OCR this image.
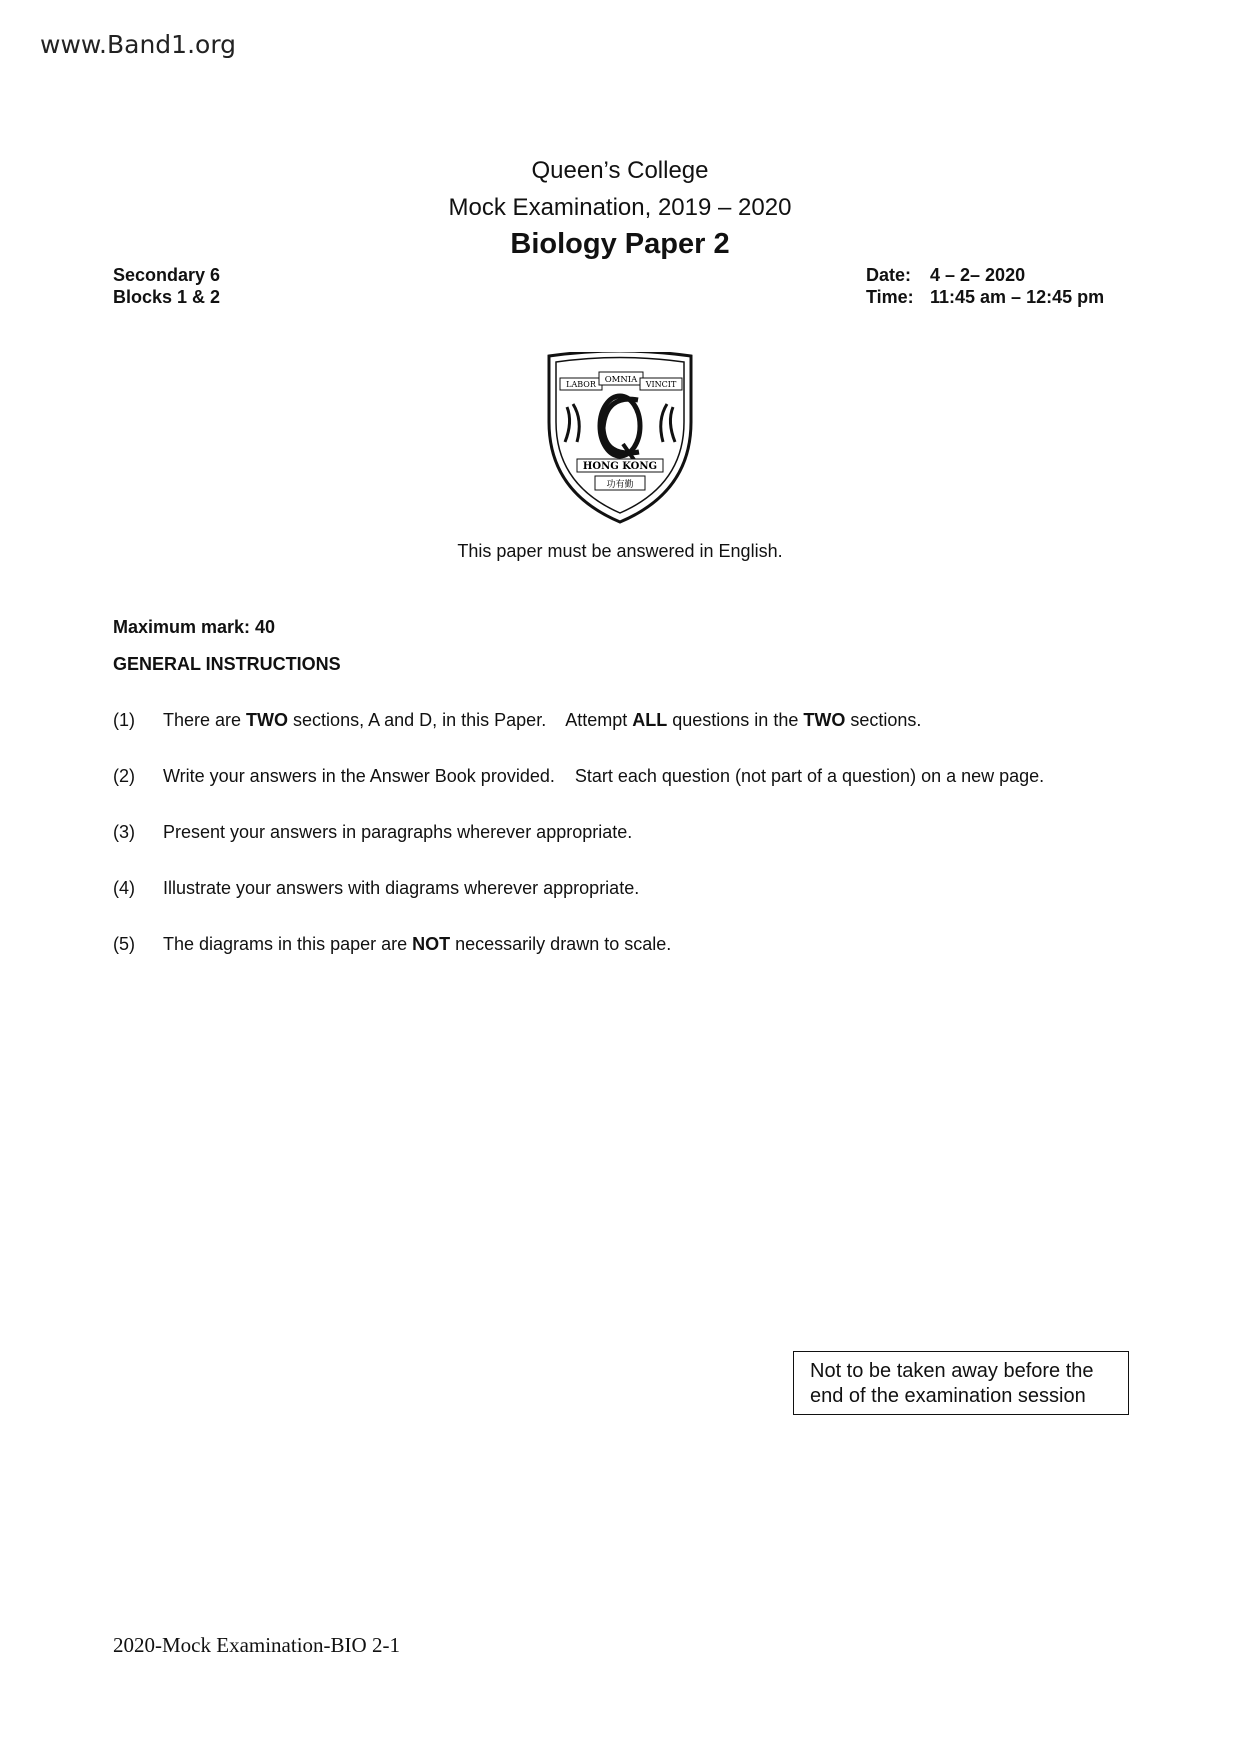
www.Band1.org
Queen’s College
Mock Examination, 2019 – 2020
Biology Paper 2
Secondary 6
Blocks 1 & 2
Date:	4 – 2– 2020
Time: 11:45 am – 12:45 pm
LABOR OMNIA VINCIT
HONG KONG
功有勤
This paper must be answered in English.
Maximum mark: 40
GENERAL INSTRUCTIONS
(1)	There are TWO sections, A and D, in this Paper.    Attempt ALL questions in the TWO sections.
(2)	Write your answers in the Answer Book provided.    Start each question (not part of a question) on a new page.
(3)	Present your answers in paragraphs wherever appropriate.
(4)	Illustrate your answers with diagrams wherever appropriate.
(5)	The diagrams in this paper are NOT necessarily drawn to scale.
Not to be taken away before the end of the examination session
2020-Mock Examination-BIO 2-1
